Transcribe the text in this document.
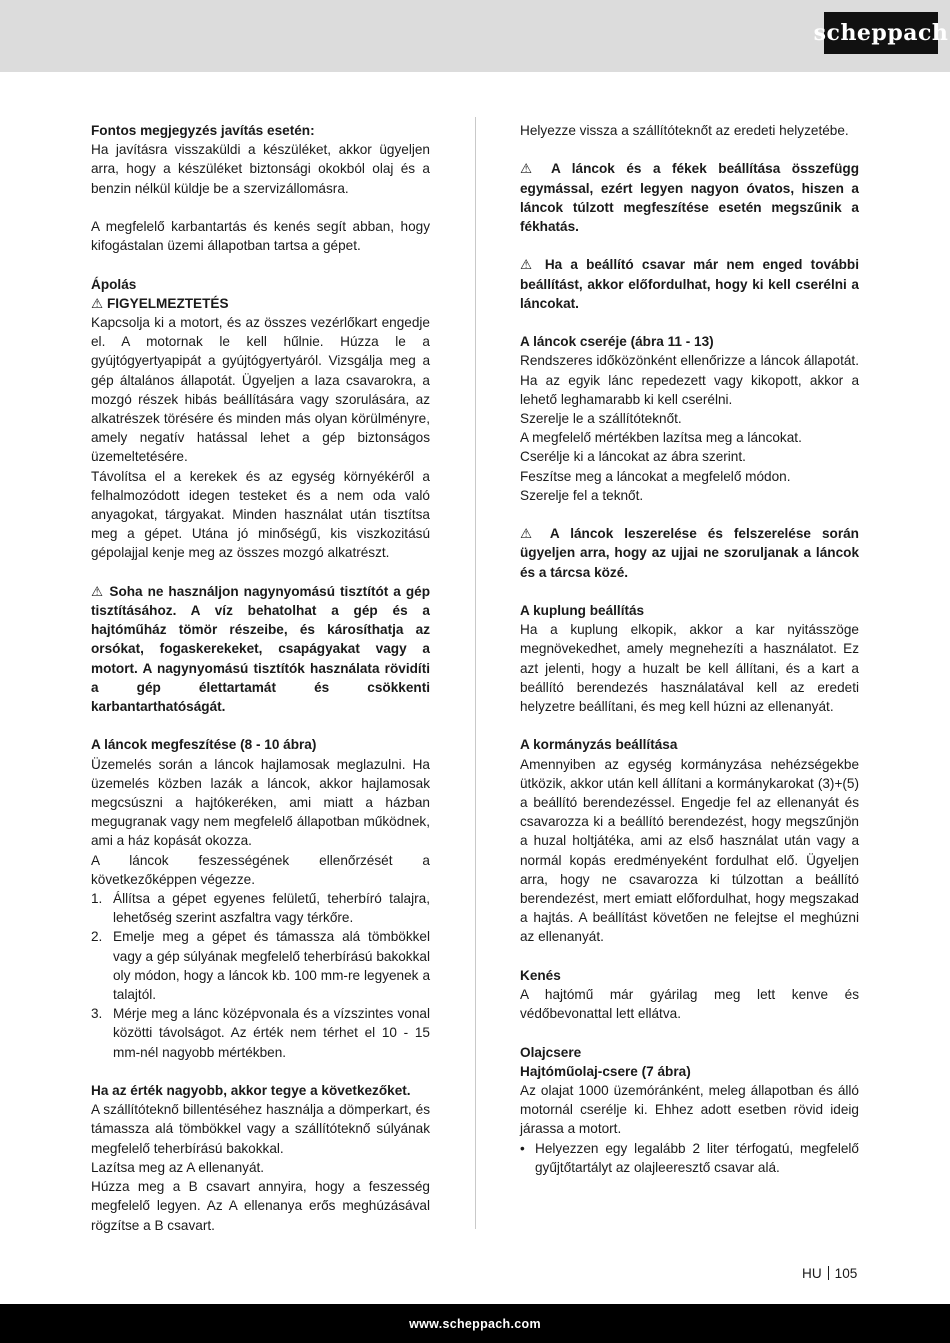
scheppach

Fontos megjegyzés javítás esetén:

Ha javításra visszaküldi a készüléket, akkor ügyeljen arra, hogy a készüléket biztonsági okokból olaj és a benzin nélkül küldje be a szervizállomásra.

A megfelelő karbantartás és kenés segít abban, hogy kifogástalan üzemi állapotban tartsa a gépet.

Ápolás

⚠ FIGYELMEZTETÉS

Kapcsolja ki a motort, és az összes vezérlőkart engedje el. A motornak le kell hűlnie. Húzza le a gyújtógyertyapipát a gyújtógyertyáról. Vizsgálja meg a gép általános állapotát. Ügyeljen a laza csavarokra, a mozgó részek hibás beállítására vagy szorulására, az alkatrészek törésére és minden más olyan körülményre, amely negatív hatással lehet a gép biztonságos üzemeltetésére.

Távolítsa el a kerekek és az egység környékéről a felhalmozódott idegen testeket és a nem oda való anyagokat, tárgyakat. Minden használat után tisztítsa meg a gépet. Utána jó minőségű, kis viszkozitású gépolajjal kenje meg az összes mozgó alkatrészt.

⚠ Soha ne használjon nagynyomású tisztítót a gép tisztításához. A víz behatolhat a gép és a hajtóműház tömör részeibe, és károsíthatja az orsókat, fogaskerekeket, csapágyakat vagy a motort. A nagynyomású tisztítók használata rövidíti a gép élettartamát és csökkenti karbantarthatóságát.

A láncok megfeszítése (8 - 10 ábra)

Üzemelés során a láncok hajlamosak meglazulni. Ha üzemelés közben lazák a láncok, akkor hajlamosak megcsúszni a hajtókeréken, ami miatt a házban megugranak vagy nem megfelelő állapotban működnek, ami a ház kopását okozza.

A láncok feszességének ellenőrzését a következőképpen végezze.

1. Állítsa a gépet egyenes felületű, teherbíró talajra, lehetőség szerint aszfaltra vagy térkőre.
2. Emelje meg a gépet és támassza alá tömbökkel vagy a gép súlyának megfelelő teherbírású bakokkal oly módon, hogy a láncok kb. 100 mm-re legyenek a talajtól.
3. Mérje meg a lánc középvonala és a vízszintes vonal közötti távolságot. Az érték nem térhet el 10 - 15 mm-nél nagyobb mértékben.

Ha az érték nagyobb, akkor tegye a következőket.

A szállítóteknő billentéséhez használja a dömperkart, és támassza alá tömbökkel vagy a szállítóteknő súlyának megfelelő teherbírású bakokkal.

Lazítsa meg az A ellenanyát.

Húzza meg a B csavart annyira, hogy a feszesség megfelelő legyen. Az A ellenanya erős meghúzásával rögzítse a B csavart.

Helyezze vissza a szállítóteknőt az eredeti helyzetébe.

⚠ A láncok és a fékek beállítása összefügg egymással, ezért legyen nagyon óvatos, hiszen a láncok túlzott megfeszítése esetén megszűnik a fékhatás.

⚠ Ha a beállító csavar már nem enged további beállítást, akkor előfordulhat, hogy ki kell cserélni a láncokat.

A láncok cseréje (ábra 11 - 13)

Rendszeres időközönként ellenőrizze a láncok állapotát. Ha az egyik lánc repedezett vagy kikopott, akkor a lehető leghamarabb ki kell cserélni.

Szerelje le a szállítóteknőt.

A megfelelő mértékben lazítsa meg a láncokat.

Cserélje ki a láncokat az ábra szerint.

Feszítse meg a láncokat a megfelelő módon.

Szerelje fel a teknőt.

⚠ A láncok leszerelése és felszerelése során ügyeljen arra, hogy az ujjai ne szoruljanak a láncok és a tárcsa közé.

A kuplung beállítás

Ha a kuplung elkopik, akkor a kar nyitásszöge megnövekedhet, amely megnehezíti a használatot. Ez azt jelenti, hogy a huzalt be kell állítani, és a kart a beállító berendezés használatával kell az eredeti helyzetre beállítani, és meg kell húzni az ellenanyát.

A kormányzás beállítása

Amennyiben az egység kormányzása nehézségekbe ütközik, akkor után kell állítani a kormánykarokat (3)+(5) a beállító berendezéssel. Engedje fel az ellenanyát és csavarozza ki a beállító berendezést, hogy megszűnjön a huzal holtjátéka, ami az első használat után vagy a normál kopás eredményeként fordulhat elő. Ügyeljen arra, hogy ne csavarozza ki túlzottan a beállító berendezést, mert emiatt előfordulhat, hogy megszakad a hajtás. A beállítást követően ne felejtse el meghúzni az ellenanyát.

Kenés

A hajtómű már gyárilag meg lett kenve és védőbevonattal lett ellátva.

Olajcsere

Hajtóműolaj-csere (7 ábra)

Az olajat 1000 üzemóránként, meleg állapotban és álló motornál cserélje ki. Ehhez adott esetben rövid ideig járassa a motort.

• Helyezzen egy legalább 2 liter térfogatú, megfelelő gyűjtőtartályt az olajleeresztő csavar alá.
HU 105
www.scheppach.com
